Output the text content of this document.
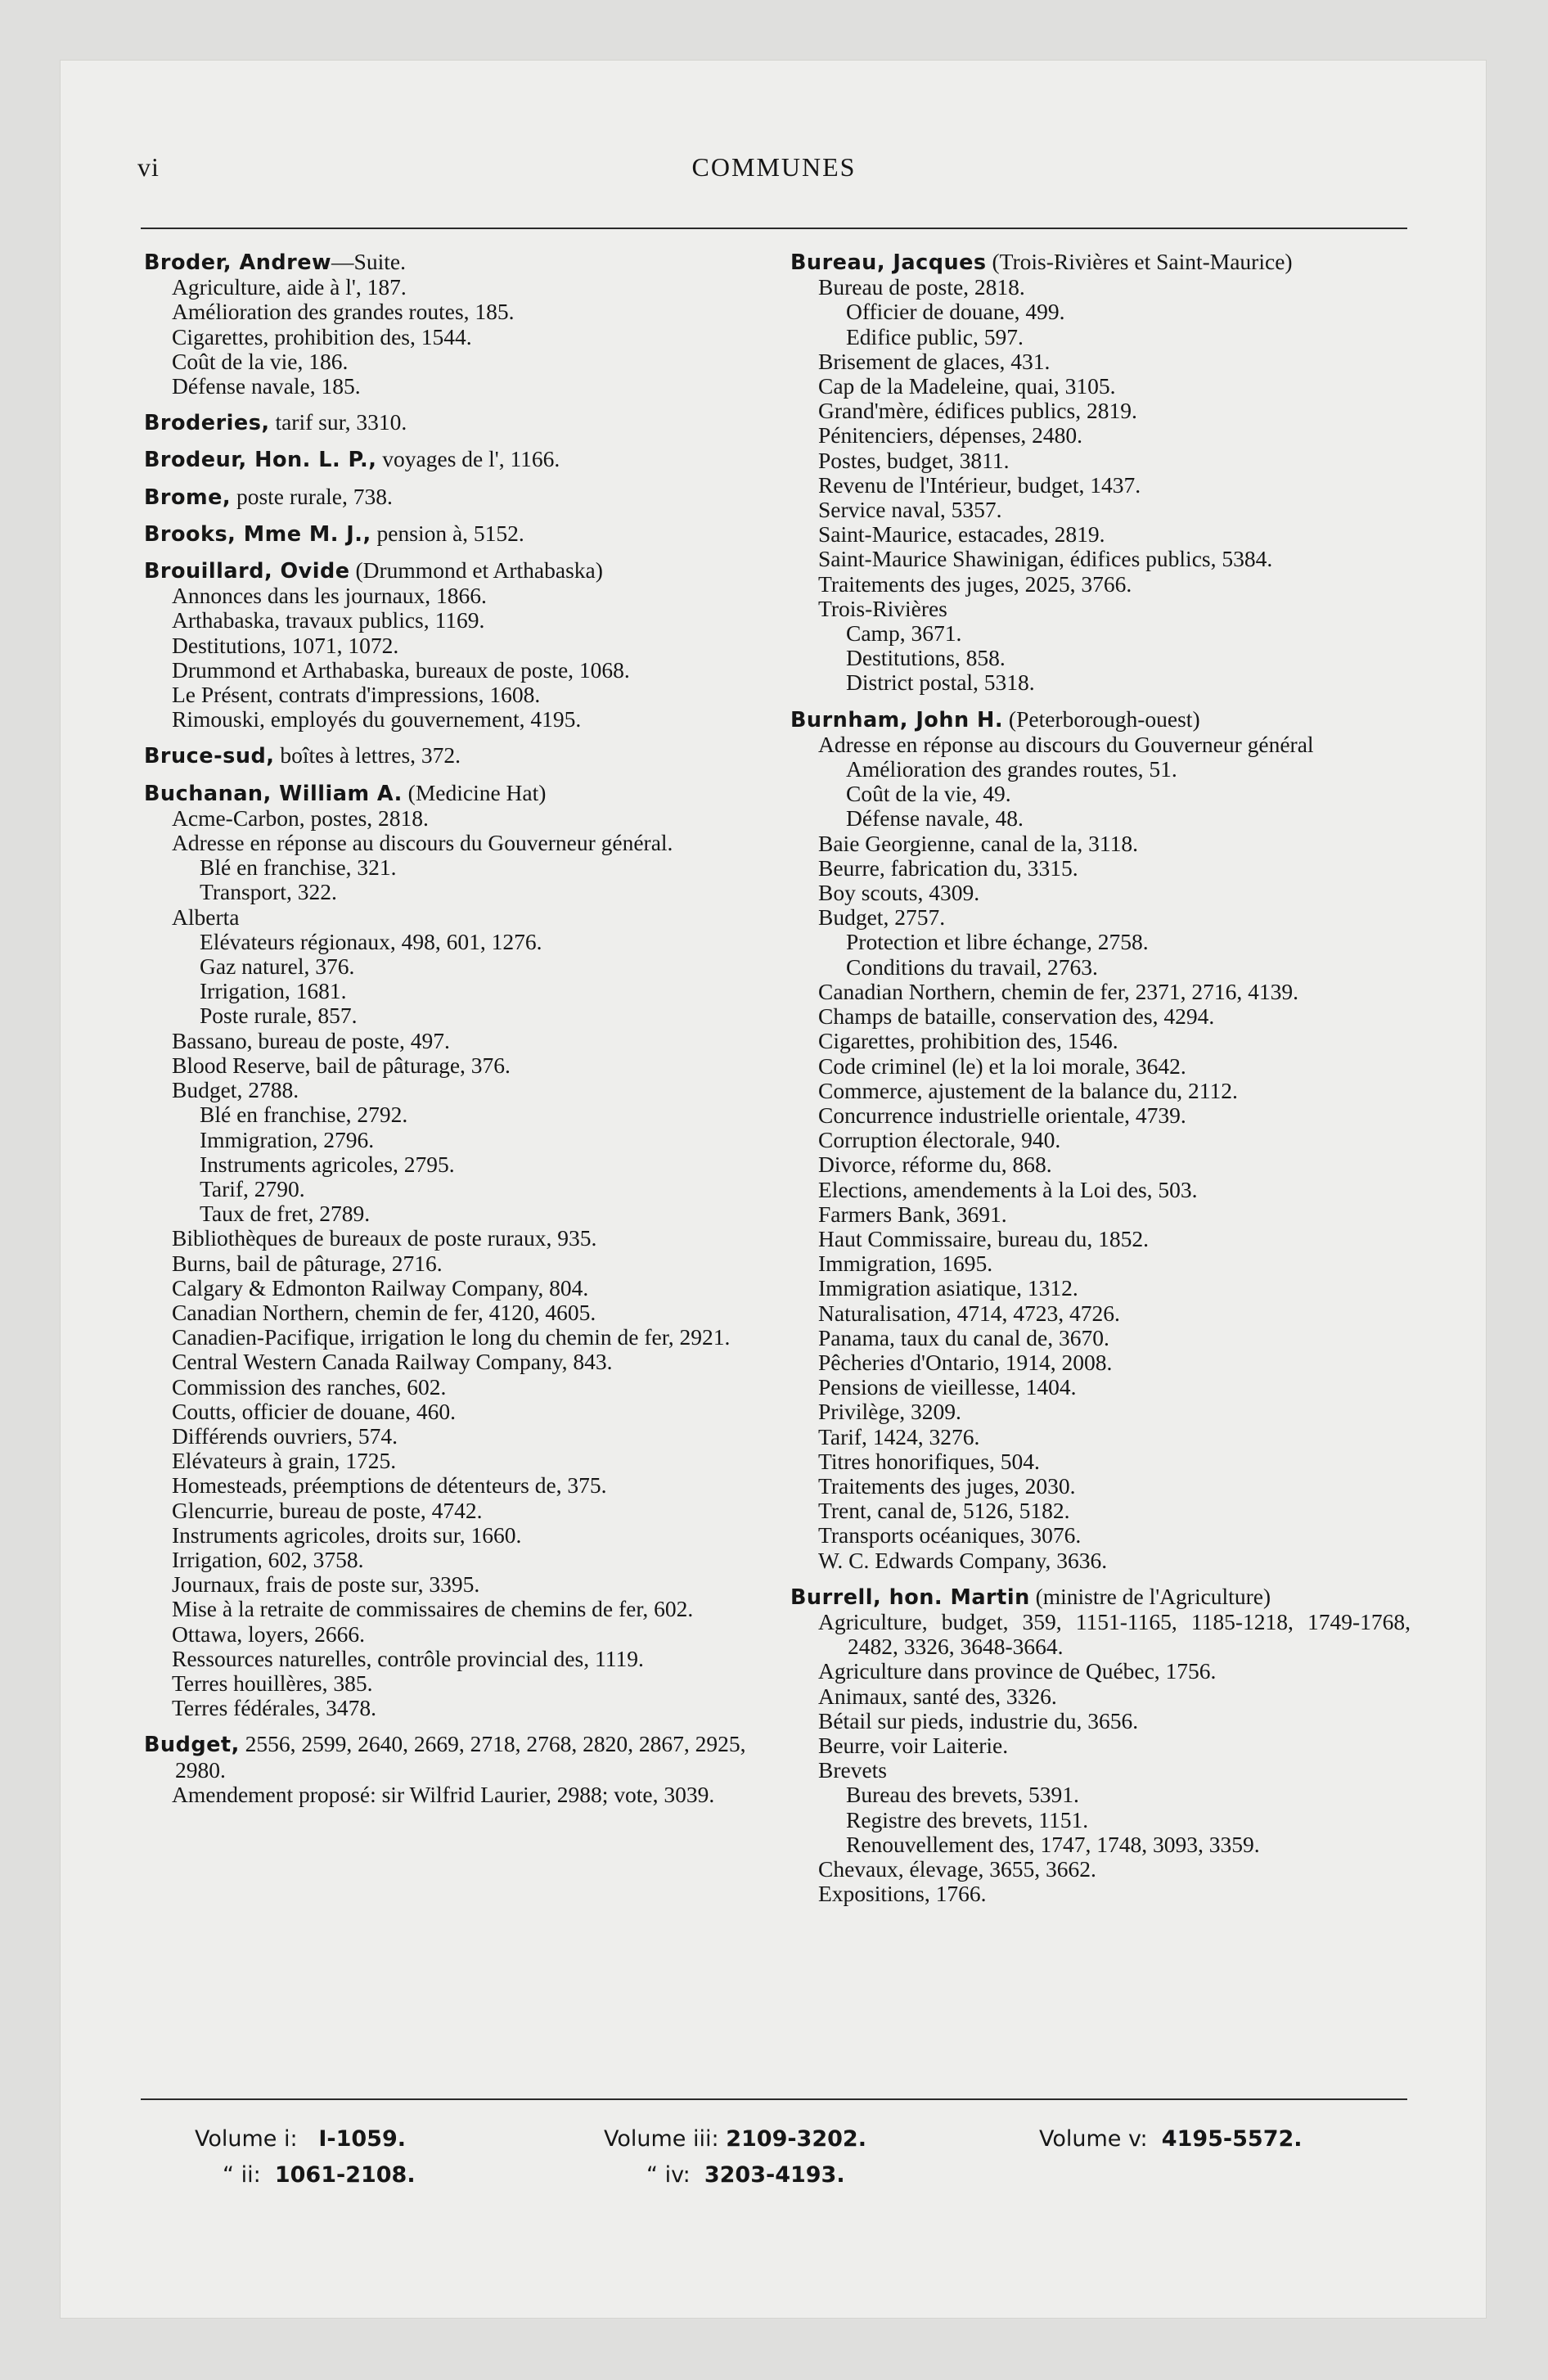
vi	COMMUNES
Broder, Andrew—Suite.
Agriculture, aide à l', 187.
Amélioration des grandes routes, 185.
Cigarettes, prohibition des, 1544.
Coût de la vie, 186.
Défense navale, 185.
Broderies, tarif sur, 3310.
Brodeur, Hon. L. P., voyages de l', 1166.
Brome, poste rurale, 738.
Brooks, Mme M. J., pension à, 5152.
Brouillard, Ovide (Drummond et Arthabaska)
Annonces dans les journaux, 1866.
Arthabaska, travaux publics, 1169.
Destitutions, 1071, 1072.
Drummond et Arthabaska, bureaux de poste, 1068.
Le Présent, contrats d'impressions, 1608.
Rimouski, employés du gouvernement, 4195.
Bruce-sud, boîtes à lettres, 372.
Buchanan, William A. (Medicine Hat)
Acme-Carbon, postes, 2818.
Adresse en réponse au discours du Gouverneur général.
Blé en franchise, 321.
Transport, 322.
Alberta
Elévateurs régionaux, 498, 601, 1276.
Gaz naturel, 376.
Irrigation, 1681.
Poste rurale, 857.
Bassano, bureau de poste, 497.
Blood Reserve, bail de pâturage, 376.
Budget, 2788.
Blé en franchise, 2792.
Immigration, 2796.
Instruments agricoles, 2795.
Tarif, 2790.
Taux de fret, 2789.
Bibliothèques de bureaux de poste ruraux, 935.
Burns, bail de pâturage, 2716.
Calgary & Edmonton Railway Company, 804.
Canadian Northern, chemin de fer, 4120, 4605.
Canadien-Pacifique, irrigation le long du chemin de fer, 2921.
Central Western Canada Railway Company, 843.
Commission des ranches, 602.
Coutts, officier de douane, 460.
Différends ouvriers, 574.
Elévateurs à grain, 1725.
Homesteads, préemptions de détenteurs de, 375.
Glencurrie, bureau de poste, 4742.
Instruments agricoles, droits sur, 1660.
Irrigation, 602, 3758.
Journaux, frais de poste sur, 3395.
Mise à la retraite de commissaires de chemins de fer, 602.
Ottawa, loyers, 2666.
Ressources naturelles, contrôle provincial des, 1119.
Terres houillères, 385.
Terres fédérales, 3478.
Budget, 2556, 2599, 2640, 2669, 2718, 2768, 2820, 2867, 2925, 2980.
Amendement proposé: sir Wilfrid Laurier, 2988; vote, 3039.
Bureau, Jacques (Trois-Rivières et Saint-Maurice)
Bureau de poste, 2818.
Officier de douane, 499.
Edifice public, 597.
Brisement de glaces, 431.
Cap de la Madeleine, quai, 3105.
Grand'mère, édifices publics, 2819.
Pénitenciers, dépenses, 2480.
Postes, budget, 3811.
Revenu de l'Intérieur, budget, 1437.
Service naval, 5357.
Saint-Maurice, estacades, 2819.
Saint-Maurice Shawinigan, édifices publics, 5384.
Traitements des juges, 2025, 3766.
Trois-Rivières
Camp, 3671.
Destitutions, 858.
District postal, 5318.
Burnham, John H. (Peterborough-ouest)
Adresse en réponse au discours du Gouverneur général
Amélioration des grandes routes, 51.
Coût de la vie, 49.
Défense navale, 48.
Baie Georgienne, canal de la, 3118.
Beurre, fabrication du, 3315.
Boy scouts, 4309.
Budget, 2757.
Protection et libre échange, 2758.
Conditions du travail, 2763.
Canadian Northern, chemin de fer, 2371, 2716, 4139.
Champs de bataille, conservation des, 4294.
Cigarettes, prohibition des, 1546.
Code criminel (le) et la loi morale, 3642.
Commerce, ajustement de la balance du, 2112.
Concurrence industrielle orientale, 4739.
Corruption électorale, 940.
Divorce, réforme du, 868.
Elections, amendements à la Loi des, 503.
Farmers Bank, 3691.
Haut Commissaire, bureau du, 1852.
Immigration, 1695.
Immigration asiatique, 1312.
Naturalisation, 4714, 4723, 4726.
Panama, taux du canal de, 3670.
Pêcheries d'Ontario, 1914, 2008.
Pensions de vieillesse, 1404.
Privilège, 3209.
Tarif, 1424, 3276.
Titres honorifiques, 504.
Traitements des juges, 2030.
Trent, canal de, 5126, 5182.
Transports océaniques, 3076.
W. C. Edwards Company, 3636.
Burrell, hon. Martin (ministre de l'Agriculture)
Agriculture, budget, 359, 1151-1165, 1185-1218, 1749-1768, 2482, 3326, 3648-3664.
Agriculture dans province de Québec, 1756.
Animaux, santé des, 3326.
Bétail sur pieds, industrie du, 3656.
Beurre, voir Laiterie.
Brevets
Bureau des brevets, 5391.
Registre des brevets, 1151.
Renouvellement des, 1747, 1748, 3093, 3359.
Chevaux, élevage, 3655, 3662.
Expositions, 1766.
Volume i: I-1059.	Volume iii: 2109-3202.	Volume v: 4195-5572.
“ ii: 1061-2108.	“ iv: 3203-4193.
